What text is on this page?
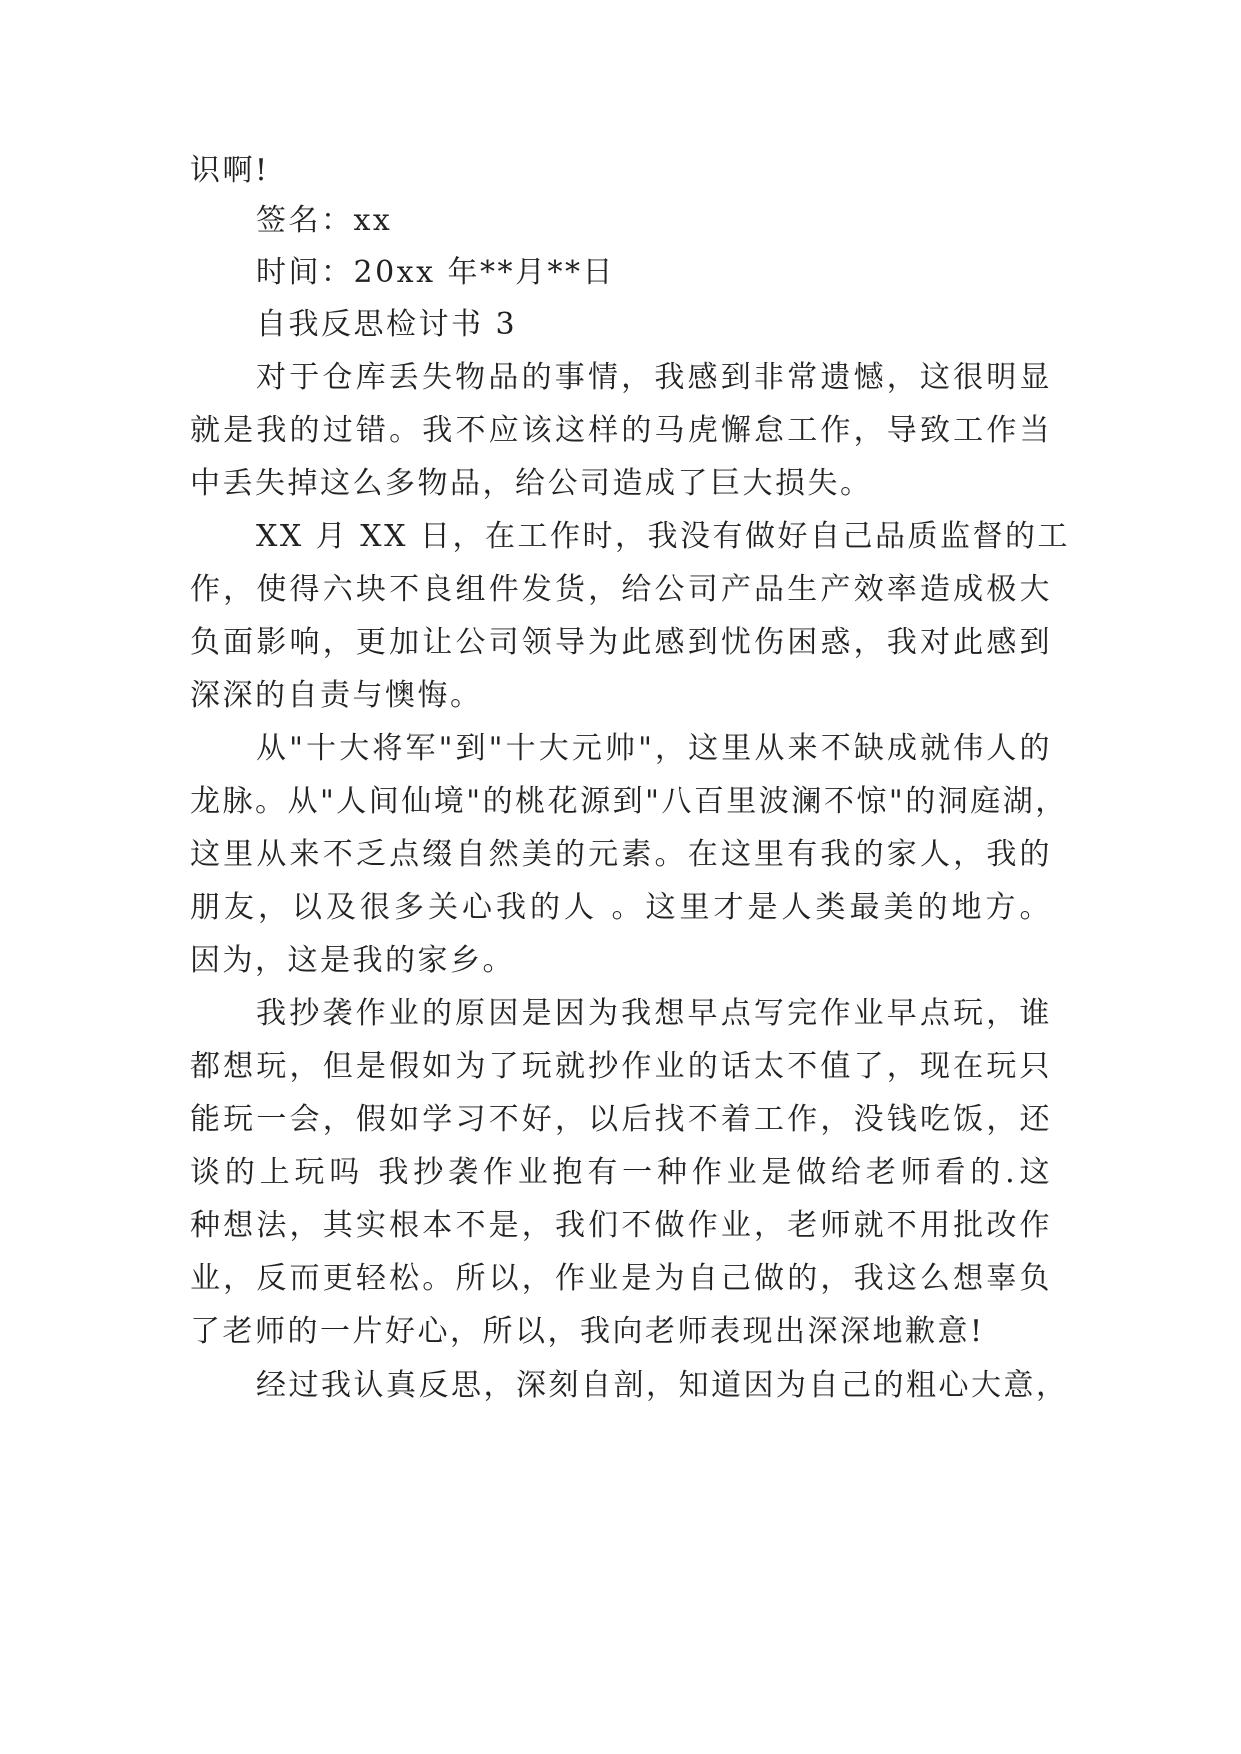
识啊!
签名：xx
时间：20xx 年**月**日
自我反思检讨书 3
对于仓库丢失物品的事情，我感到非常遗憾，这很明显
就是我的过错。我不应该这样的马虎懈怠工作，导致工作当
中丢失掉这么多物品，给公司造成了巨大损失。
XX 月 XX 日，在工作时，我没有做好自己品质监督的工
作，使得六块不良组件发货，给公司产品生产效率造成极大
负面影响，更加让公司领导为此感到忧伤困惑，我对此感到
深深的自责与懊悔。
从"十大将军"到"十大元帅"，这里从来不缺成就伟人的
龙脉。从"人间仙境"的桃花源到"八百里波澜不惊"的洞庭湖，
这里从来不乏点缀自然美的元素。在这里有我的家人，我的
朋友，以及很多关心我的人 。这里才是人类最美的地方。
因为，这是我的家乡。
我抄袭作业的原因是因为我想早点写完作业早点玩，谁
都想玩，但是假如为了玩就抄作业的话太不值了，现在玩只
能玩一会，假如学习不好，以后找不着工作，没钱吃饭，还
谈的上玩吗 我抄袭作业抱有一种作业是做给老师看的.这
种想法，其实根本不是，我们不做作业，老师就不用批改作
业，反而更轻松。所以，作业是为自己做的，我这么想辜负
了老师的一片好心，所以，我向老师表现出深深地歉意!
经过我认真反思，深刻自剖，知道因为自己的粗心大意，
